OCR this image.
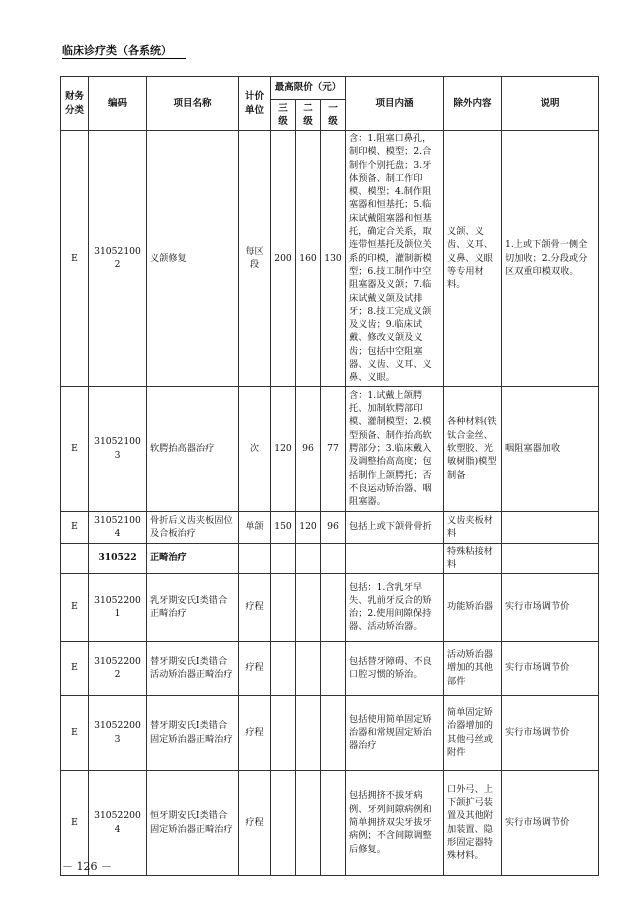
临床诊疗类（各系统）
财务分类	编码	项目名称	计价单位	最高限价（元）			项目内涵	除外内容	说明
				三级	二级	一级			
E	310521002	义颌修复	每区段	200	160	130	含：1.阻塞口鼻孔，制印模、模型；2.合制作个别托盘；3.牙体预备、制工作印模、模型；4.制作阻塞器和恒基托；5.临床试戴阻塞器和恒基托，确定合关系，取连带恒基托及颌位关系的印模，灌制新模型；6.技工制作中空阻塞器及义颌；7.临床试戴义颌及试排牙；8.技工完成义颌及义齿；9.临床试戴、修改义颌及义齿；包括中空阻塞器、义齿、义耳、义鼻、义眼。	义颌、义齿、义耳、义鼻、义眼等专用材料。	1.上或下颌骨一侧全切加收；2.分段或分区双重印模双收。
E	310521003	软腭抬高器治疗	次	120	96	77	含：1.试戴上颌腭托、加制软腭部印模、灌制模型；2.模型预备、制作抬高软腭部分；3.临床戴入及调整抬高高度；包括制作上颌腭托；否不良运动矫治器、咽阻塞器。	各种材料(铁钛合金丝、软塑胶、光敏树脂)模型制备	咽阻塞器加收
E	310521004	骨折后义齿夹板固位及合板治疗	单颌	150	120	96	包括上或下颌骨骨折	义齿夹板材料	
	310522	正畸治疗						特殊粘接材料	
E	310522001	乳牙期安氏Ⅰ类错合正畸治疗	疗程				包括：1.含乳牙早失、乳前牙反合的矫治；2.使用间隙保持器、活动矫治器。	功能矫治器	实行市场调节价
E	310522002	替牙期安氏Ⅰ类错合活动矫治器正畸治疗	疗程				包括替牙障碍、不良口腔习惯的矫治。	活动矫治器增加的其他部件	实行市场调节价
E	310522003	替牙期安氏Ⅰ类错合固定矫治器正畸治疗	疗程				包括使用简单固定矫治器和常规固定矫治器治疗	简单固定矫治器增加的其他弓丝或附件	实行市场调节价
E	310522004	恒牙期安氏Ⅰ类错合固定矫治器正畸治疗	疗程				包括拥挤不拔牙病例、牙列间隙病例和简单拥挤双尖牙拔牙病例；不含间隙调整后修复。	口外弓、上下颌扩弓装置及其他附加装置、隐形固定器特殊材料。	实行市场调节价
－ 126 －
